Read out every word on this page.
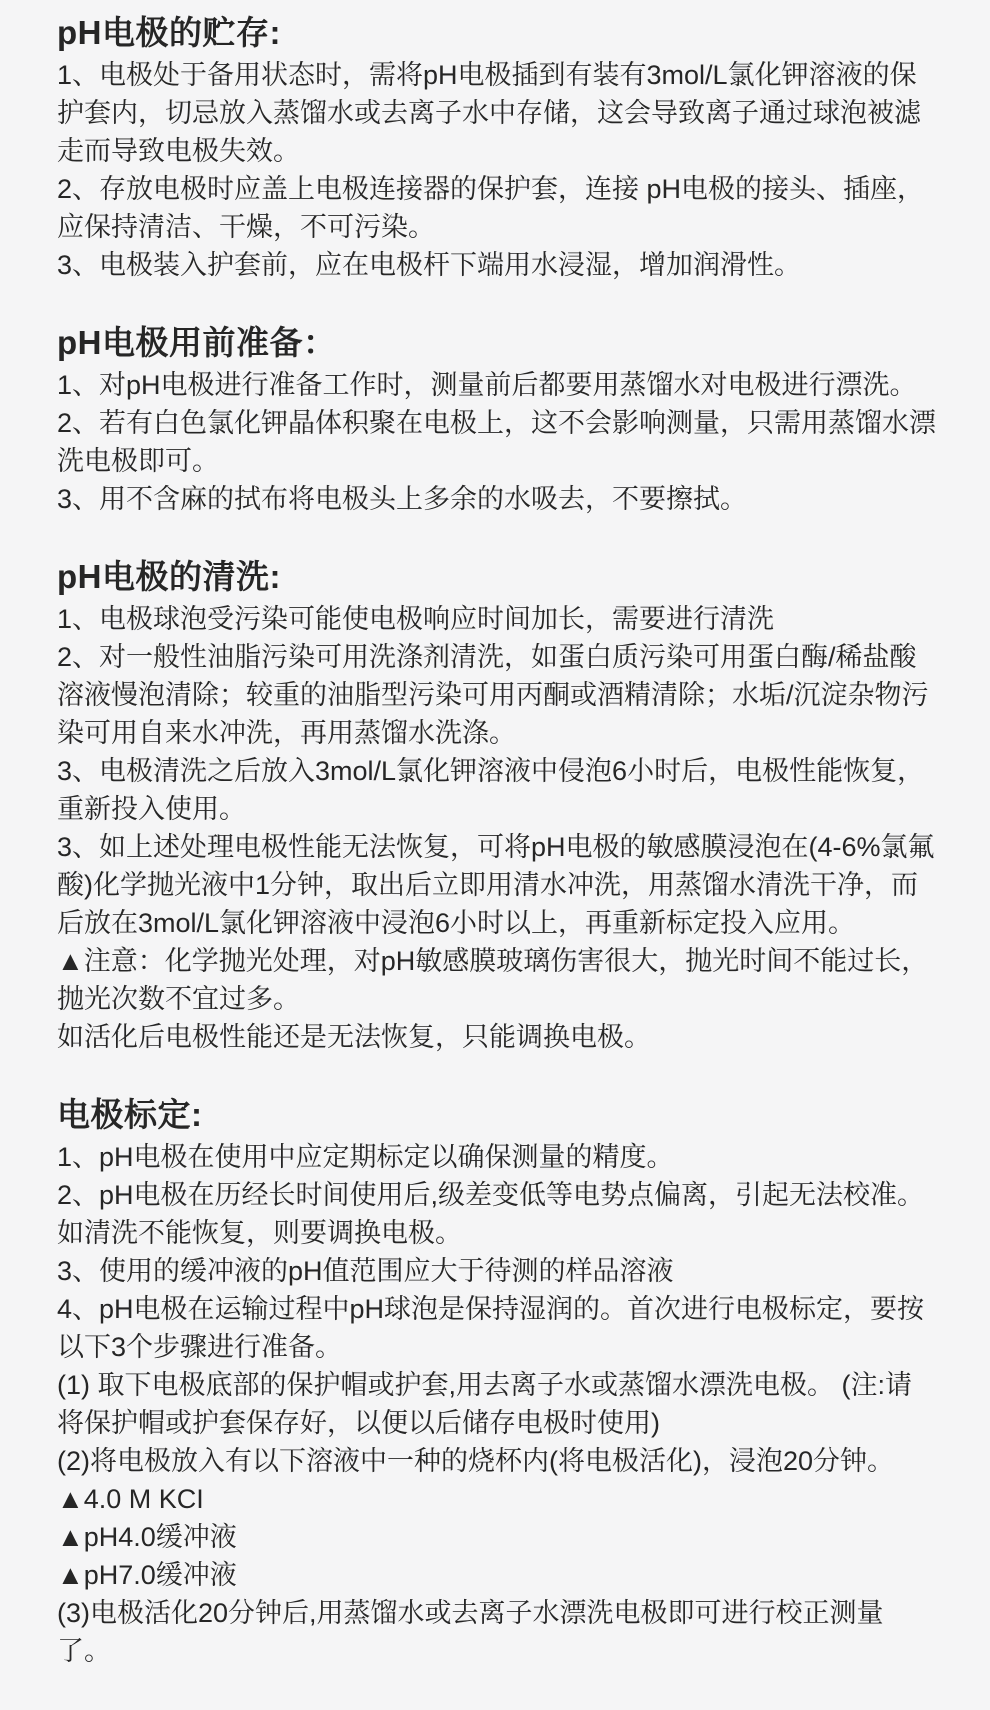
pH电极的贮存:

1、电极处于备用状态时，需将pH电极插到有装有3mol/L氯化钾溶液的保护套内，切忌放入蒸馏水或去离子水中存储，这会导致离子通过球泡被滤走而导致电极失效。

2、存放电极时应盖上电极连接器的保护套，连接 pH电极的接头、插座，应保持清洁、干燥，不可污染。

3、电极装入护套前，应在电极杆下端用水浸湿，增加润滑性。

pH电极用前准备：

1、对pH电极进行准备工作时，测量前后都要用蒸馏水对电极进行漂洗。

2、若有白色氯化钾晶体积聚在电极上，这不会影响测量，只需用蒸馏水漂洗电极即可。

3、用不含麻的拭布将电极头上多余的水吸去，不要擦拭。

pH电极的清洗:

1、电极球泡受污染可能使电极响应时间加长，需要进行清洗

2、对一般性油脂污染可用洗涤剂清洗，如蛋白质污染可用蛋白酶/稀盐酸溶液慢泡清除；较重的油脂型污染可用丙酮或酒精清除；水垢/沉淀杂物污染可用自来水冲洗，再用蒸馏水洗涤。

3、电极清洗之后放入3mol/L氯化钾溶液中侵泡6小时后，电极性能恢复，重新投入使用。

3、如上述处理电极性能无法恢复，可将pH电极的敏感膜浸泡在(4-6%氯氟酸)化学抛光液中1分钟，取出后立即用清水冲洗，用蒸馏水清洗干净，而后放在3mol/L氯化钾溶液中浸泡6小时以上，再重新标定投入应用。

▲注意：化学抛光处理，对pH敏感膜玻璃伤害很大，抛光时间不能过长，抛光次数不宜过多。

如活化后电极性能还是无法恢复，只能调换电极。

电极标定:

1、pH电极在使用中应定期标定以确保测量的精度。

2、pH电极在历经长时间使用后,级差变低等电势点偏离，引起无法校准。如清洗不能恢复，则要调换电极。

3、使用的缓冲液的pH值范围应大于待测的样品溶液

4、pH电极在运输过程中pH球泡是保持湿润的。首次进行电极标定，要按以下3个步骤进行准备。

(1) 取下电极底部的保护帽或护套,用去离子水或蒸馏水漂洗电极。 (注:请将保护帽或护套保存好，以便以后储存电极时使用)

(2)将电极放入有以下溶液中一种的烧杯内(将电极活化)，浸泡20分钟。

▲4.0 M KCI

▲pH4.0缓冲液

▲pH7.0缓冲液

(3)电极活化20分钟后,用蒸馏水或去离子水漂洗电极即可进行校正测量了。
